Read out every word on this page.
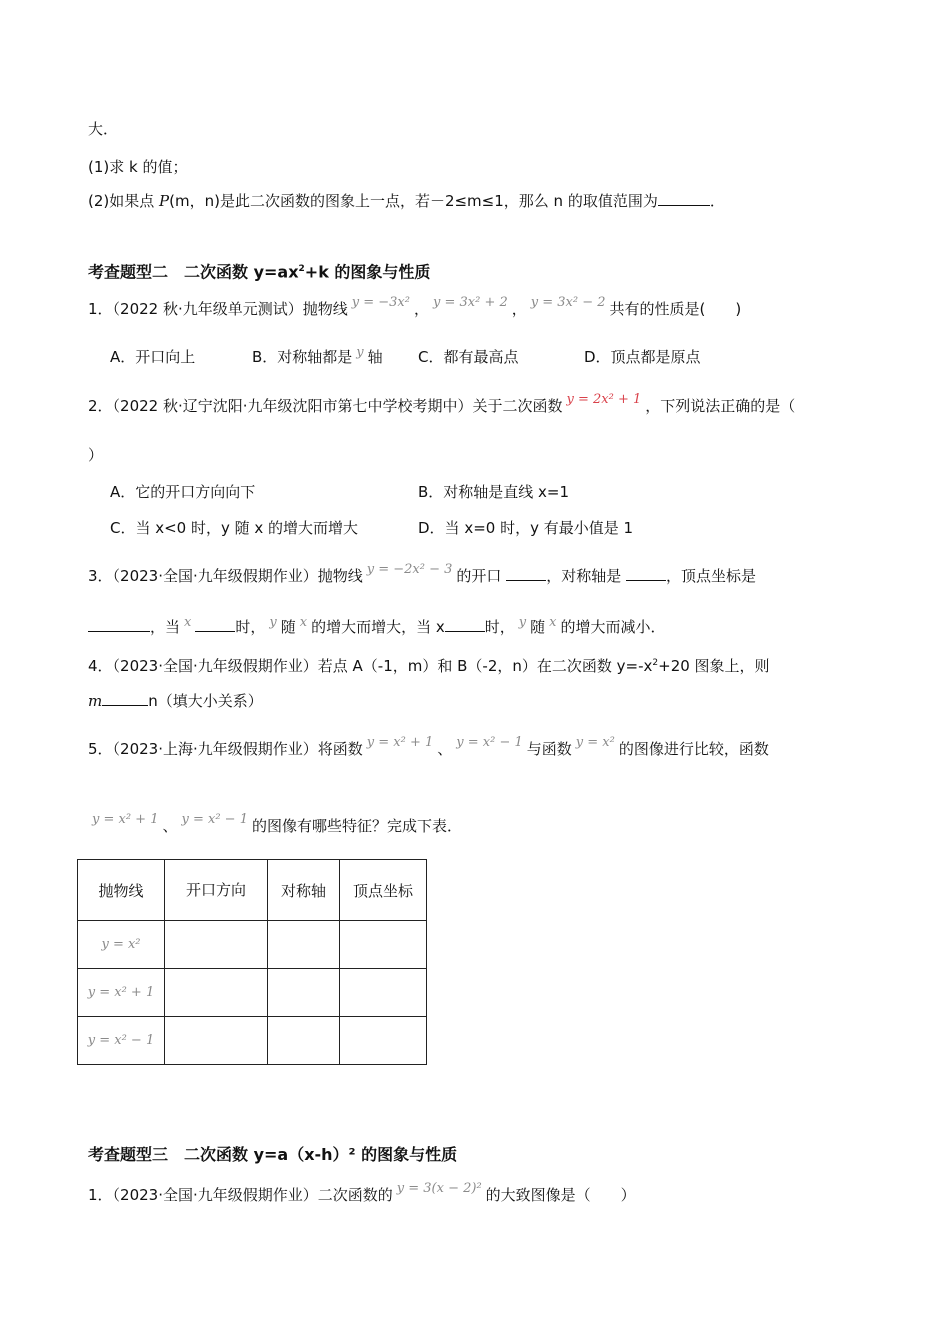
大．
(1)求 k 的值；
(2)如果点 P(m，n)是此二次函数的图象上一点，若－2≤m≤1，那么 n 的取值范围为	．
考查题型二　二次函数 $y=ax^2+k$ 的图象与性质
1．（2022 秋·九年级单元测试）抛物线 y = −3x² ， y = 3x² + 2 ， y = 3x² − 2 共有的性质是(　　)
A．开口向上	B．对称轴都是 y 轴 C．都有最高点	D．顶点都是原点
2．（2022 秋·辽宁沈阳·九年级沈阳市第七中学校考期中）关于二次函数 y = 2x² + 1 ，下列说法正确的是（
）
A．它的开口方向向下	B．对称轴是直线 x=1
C．当 x<0 时，y 随 x 的增大而增大	D．当 x=0 时，y 有最小值是 1
3．（2023·全国·九年级假期作业）抛物线 y = −2x² − 3 的开口	，对称轴是	，顶点坐标是
，当 x	时， y 随 x 的增大而增大，当 x	时， y 随 x 的增大而减小．
4．（2023·全国·九年级假期作业）若点 A（-1，m）和 B（-2，n）在二次函数 $y=-x^2+20$ 图象上，则
m	n（填大小关系）
5．（2023·上海·九年级假期作业）将函数 y = x² + 1 、 y = x² − 1 与函数 y = x² 的图像进行比较，函数
y = x² + 1 、 y = x² − 1 的图像有哪些特征？完成下表．
抛物线	开口方向	对称轴	顶点坐标
y = x²			
y = x² + 1			
y = x² − 1			
考查题型三　二次函数 y=a（x-h）² 的图象与性质
1．（2023·全国·九年级假期作业）二次函数的 y = 3(x − 2)² 的大致图像是（　　）
